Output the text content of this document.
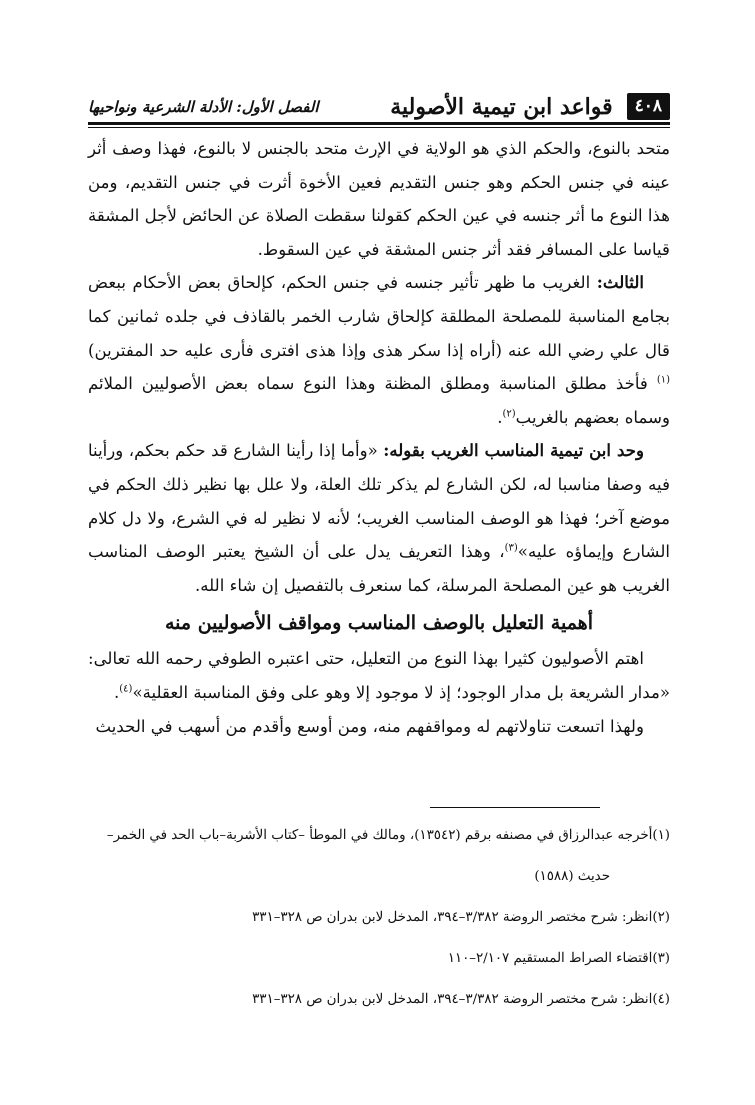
٤٠٨
قواعد ابن تيمية الأصولية
الفصل الأول: الأدلة الشرعية ونواحيها

متحد بالنوع، والحكم الذي هو الولاية في الإرث متحد بالجنس لا بالنوع، فهذا وصف أثر عينه في جنس الحكم وهو جنس التقديم فعين الأخوة أثرت في جنس التقديم، ومن هذا النوع ما أثر جنسه في عين الحكم كقولنا سقطت الصلاة عن الحائض لأجل المشقة قياسا على المسافر فقد أثر جنس المشقة في عين السقوط.

الثالث: الغريب ما ظهر تأثير جنسه في جنس الحكم، كإلحاق بعض الأحكام ببعض بجامع المناسبة للمصلحة المطلقة كإلحاق شارب الخمر بالقاذف في جلده ثمانين كما قال علي رضي الله عنه (أراه إذا سكر هذى وإذا هذى افترى فأرى عليه حد المفترين)$^{(١)}$ فأخذ مطلق المناسبة ومطلق المظنة وهذا النوع سماه بعض الأصوليين الملائم وسماه بعضهم بالغريب$^{(٢)}$.

وحد ابن تيمية المناسب الغريب بقوله: «وأما إذا رأينا الشارع قد حكم بحكم، ورأينا فيه وصفا مناسبا له، لكن الشارع لم يذكر تلك العلة، ولا علل بها نظير ذلك الحكم في موضع آخر؛ فهذا هو الوصف المناسب الغريب؛ لأنه لا نظير له في الشرع، ولا دل كلام الشارع وإيماؤه عليه»$^{(٣)}$، وهذا التعريف يدل على أن الشيخ يعتبر الوصف المناسب الغريب هو عين المصلحة المرسلة، كما سنعرف بالتفصيل إن شاء الله.

أهمية التعليل بالوصف المناسب ومواقف الأصوليين منه

اهتم الأصوليون كثيرا بهذا النوع من التعليل، حتى اعتبره الطوفي رحمه الله تعالى: «مدار الشريعة بل مدار الوجود؛ إذ لا موجود إلا وهو على وفق المناسبة العقلية»$^{(٤)}$.

ولهذا اتسعت تناولاتهم له ومواقفهم منه، ومن أوسع وأقدم من أسهب في الحديث

(١)أخرجه عبدالرزاق في مصنفه برقم (١٣٥٤٢)، ومالك في الموطأ –كتاب الأشربة–باب الحد في الخمر–

حديث (١٥٨٨)

(٢)انظر: شرح مختصر الروضة ٣/٣٨٢–٣٩٤، المدخل لابن بدران ص ٣٢٨–٣٣١

(٣)اقتضاء الصراط المستقيم ٢/١٠٧–١١٠

(٤)انظر: شرح مختصر الروضة ٣/٣٨٢–٣٩٤، المدخل لابن بدران ص ٣٢٨–٣٣١
